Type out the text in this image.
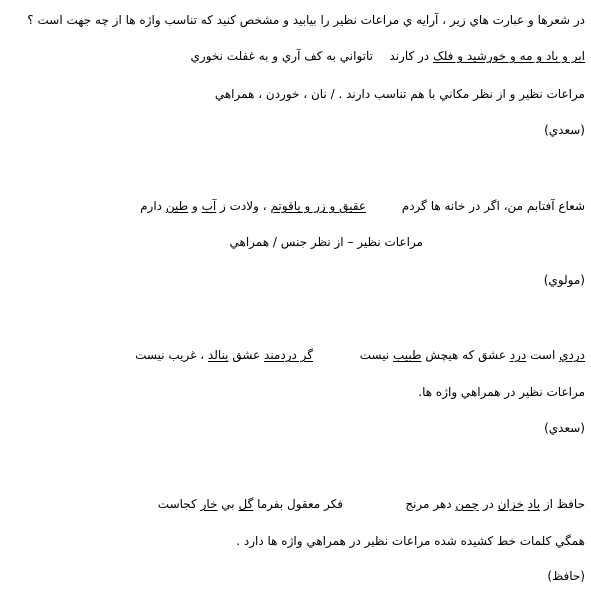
در شعرها و عبارت هاي زير ، آرايه ي مراعات نظير را بيابيد و مشخص کنيد که تناسب واژه ها از چه جهت است ؟
ابر و باد و مه و خورشيد و فلک در کارند
تاتواني به کف آري و به غفلت نخوري
مراعات نظير و از نظر مکاني با هم تناسب دارند . / نان ، خوردن ، همراهي
(سعدي)
شعاع آفتابم من، اگر در خانه ها گردم
عقيق و زر و ياقوتم ، ولادت ز آب و طين دارم
مراعات نظير – از نظر جنس / همراهي
(مولوي)
دردي است درد عشق که هيچش طبيب نيست
گر دردمند عشق بنالد ، غريب نيست
مراعات نظير در همراهي واژه ها.
(سعدي)
حافظ از باد خزان در چمن دهر مرنج
فکر معقول بفرما گل بي خار کجاست
همگي کلمات خط کشيده شده مراعات نظير در همراهي واژه ها دارد .
(حافظ)
